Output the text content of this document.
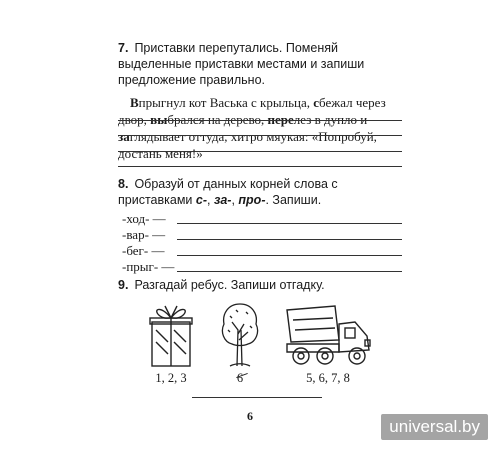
7. Приставки перепутались. Поменяй выделенные приставки местами и запиши предложение правильно.
Впрыгнул кот Васька с крыльца, сбежал через двор, выбрался на дерево, перелез в дупло и заглядывает оттуда, хитро мяукая: «Попробуй, достань меня!»
8. Образуй от данных корней слова с приставками с-, за-, про-. Запиши.
-ход- —
-вар- —
-бег- —
-прыг- —
9. Разгадай ребус. Запиши отгадку.
1, 2, 3	6	5, 6, 7, 8
6
universal.by
